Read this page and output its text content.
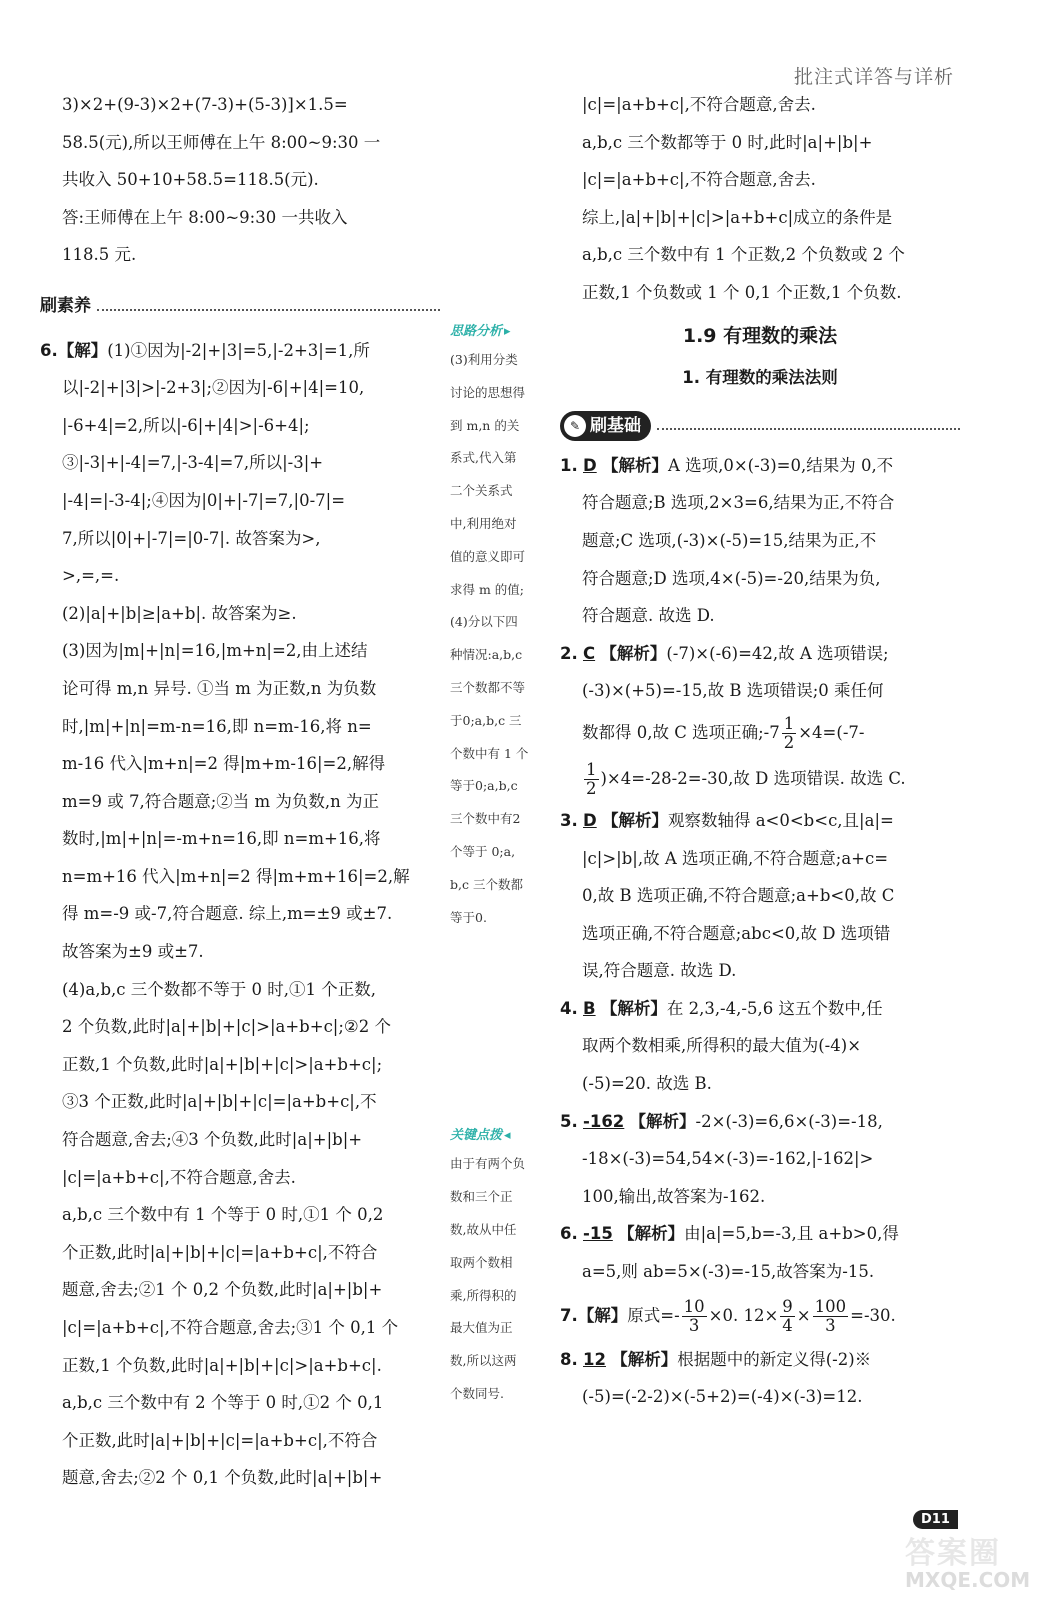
批注式详答与详析

3)×2+(9-3)×2+(7-3)+(5-3)]×1.5=

58.5(元),所以王师傅在上午 8:00~9:30 一

共收入 50+10+58.5=118.5(元).

答:王师傅在上午 8:00~9:30 一共收入

118.5 元.

刷素养

6.【解】(1)①因为|-2|+|3|=5,|-2+3|=1,所

以|-2|+|3|>|-2+3|;②因为|-6|+|4|=10,

|-6+4|=2,所以|-6|+|4|>|-6+4|;

③|-3|+|-4|=7,|-3-4|=7,所以|-3|+

|-4|=|-3-4|;④因为|0|+|-7|=7,|0-7|=

7,所以|0|+|-7|=|0-7|. 故答案为>,

>,=,=.

(2)|a|+|b|≥|a+b|. 故答案为≥.

(3)因为|m|+|n|=16,|m+n|=2,由上述结

论可得 m,n 异号. ①当 m 为正数,n 为负数

时,|m|+|n|=m-n=16,即 n=m-16,将 n=

m-16 代入|m+n|=2 得|m+m-16|=2,解得

m=9 或 7,符合题意;②当 m 为负数,n 为正

数时,|m|+|n|=-m+n=16,即 n=m+16,将

n=m+16 代入|m+n|=2 得|m+m+16|=2,解

得 m=-9 或-7,符合题意. 综上,m=±9 或±7.

故答案为±9 或±7.

(4)a,b,c 三个数都不等于 0 时,①1 个正数,

2 个负数,此时|a|+|b|+|c|>|a+b+c|;②2 个

正数,1 个负数,此时|a|+|b|+|c|>|a+b+c|;

③3 个正数,此时|a|+|b|+|c|=|a+b+c|,不

符合题意,舍去;④3 个负数,此时|a|+|b|+

|c|=|a+b+c|,不符合题意,舍去.

a,b,c 三个数中有 1 个等于 0 时,①1 个 0,2

个正数,此时|a|+|b|+|c|=|a+b+c|,不符合

题意,舍去;②1 个 0,2 个负数,此时|a|+|b|+

|c|=|a+b+c|,不符合题意,舍去;③1 个 0,1 个

正数,1 个负数,此时|a|+|b|+|c|>|a+b+c|.

a,b,c 三个数中有 2 个等于 0 时,①2 个 0,1

个正数,此时|a|+|b|+|c|=|a+b+c|,不符合

题意,舍去;②2 个 0,1 个负数,此时|a|+|b|+

思路分析 ▸

(3)利用分类

讨论的思想得

到 m,n 的关

系式,代入第

二个关系式

中,利用绝对

值的意义即可

求得 m 的值;

(4)分以下四

种情况:a,b,c

三个数都不等

于0;a,b,c 三

个数中有 1 个

等于0;a,b,c

三个数中有2

个等于 0;a,

b,c 三个数都

等于0.

关键点拨 ◂

由于有两个负

数和三个正

数,故从中任

取两个数相

乘,所得积的

最大值为正

数,所以这两

个数同号.

|c|=|a+b+c|,不符合题意,舍去.

a,b,c 三个数都等于 0 时,此时|a|+|b|+

|c|=|a+b+c|,不符合题意,舍去.

综上,|a|+|b|+|c|>|a+b+c|成立的条件是

a,b,c 三个数中有 1 个正数,2 个负数或 2 个

正数,1 个负数或 1 个 0,1 个正数,1 个负数.

1.9 有理数的乘法
1. 有理数的乘法法则
✎ 刷基础

1. D 【解析】A 选项,0×(-3)=0,结果为 0,不

符合题意;B 选项,2×3=6,结果为正,不符合

题意;C 选项,(-3)×(-5)=15,结果为正,不

符合题意;D 选项,4×(-5)=-20,结果为负,

符合题意. 故选 D.

2. C 【解析】(-7)×(-6)=42,故 A 选项错误;

(-3)×(+5)=-15,故 B 选项错误;0 乘任何

数都得 0,故 C 选项正确;-7 $\frac{1}{2} \times 4=(-7-$

$\frac{1}{2} )\times 4=-28-2=-30$,故 D 选项错误. 故选 C.

3. D 【解析】观察数轴得 a<0<b<c,且|a|=

|c|>|b|,故 A 选项正确,不符合题意;a+c=

0,故 B 选项正确,不符合题意;a+b<0,故 C

选项正确,不符合题意;abc<0,故 D 选项错

误,符合题意. 故选 D.

4. B 【解析】在 2,3,-4,-5,6 这五个数中,任

取两个数相乘,所得积的最大值为(-4)×

(-5)=20. 故选 B.

5. -162 【解析】-2×(-3)=6,6×(-3)=-18,

-18×(-3)=54,54×(-3)=-162,|-162|>

100,输出,故答案为-162.

6. -15 【解析】由|a|=5,b=-3,且 a+b>0,得

a=5,则 ab=5×(-3)=-15,故答案为-15.

7.【解】原式=- $\frac{10}{3} \times 0$. $12\times \frac{9}{4} \times \frac{100}{3} =-30$.

8. 12 【解析】根据题中的新定义得(-2)※

(-5)=(-2-2)×(-5+2)=(-4)×(-3)=12.

D11
答案圈
MXQE.COM
